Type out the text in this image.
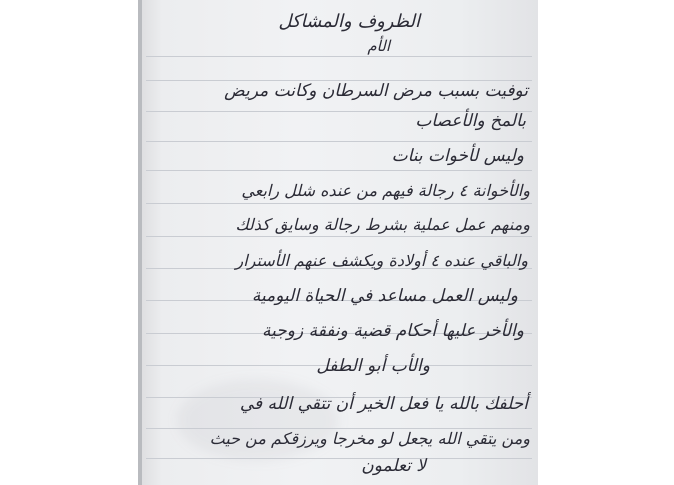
الظروف والمشاكل
الأم
توفيت بسبب مرض السرطان وكانت مريض
بالمخ والأعصاب
وليس لأخوات بنات
والأخوانة ٤ رجالة فيهم من عنده شلل رابعي
ومنهم عمل عملية بشرط رجالة وسايق كذلك
والباقي عنده ٤ أولادة ويكشف عنهم الأسترار
وليس العمل مساعد في الحياة اليومية
والأخر عليها أحكام قضية ونفقة زوجية
والأب أبو الطفل
أحلفك بالله يا فعل الخير أن تتقي الله في
ومن يتقي الله يجعل لو مخرجا ويرزقكم من حيث
لا تعلمون
